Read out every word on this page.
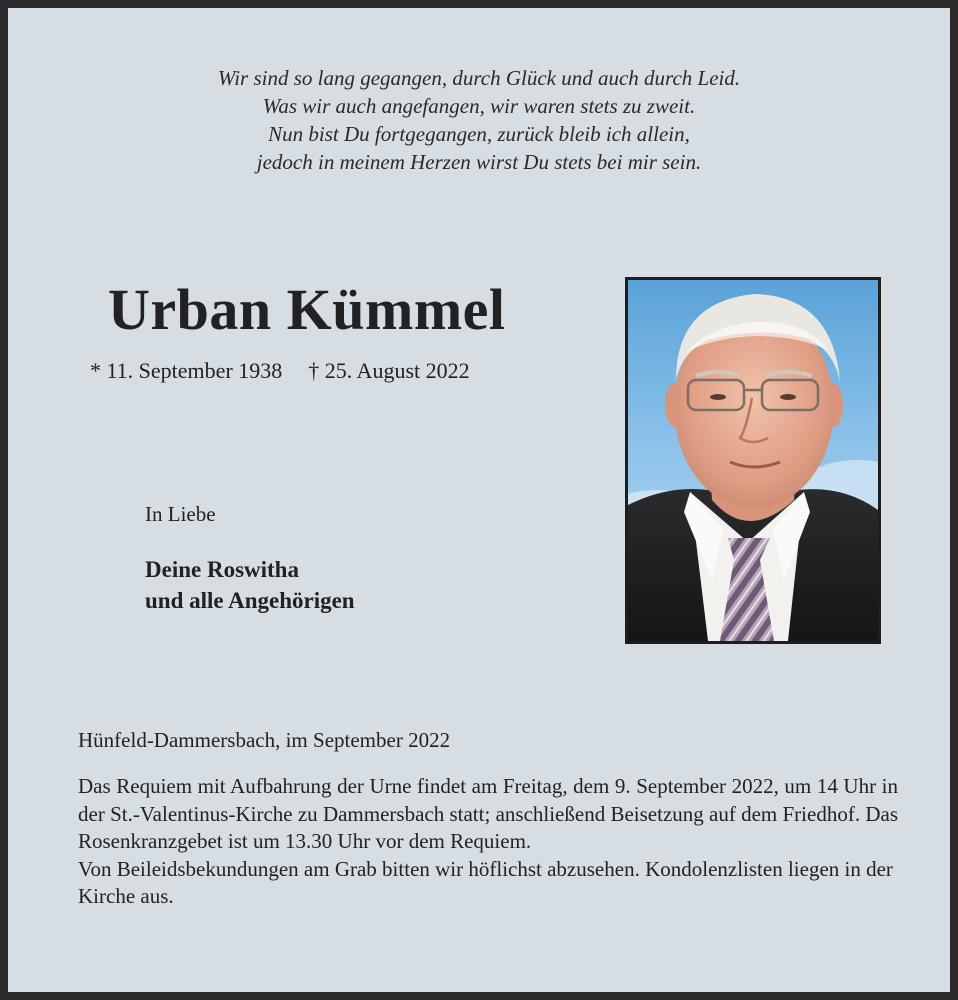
Wir sind so lang gegangen, durch Glück und auch durch Leid.
Was wir auch angefangen, wir waren stets zu zweit.
Nun bist Du fortgegangen, zurück bleib ich allein,
jedoch in meinem Herzen wirst Du stets bei mir sein.
Urban Kümmel
* 11. September 1938 † 25. August 2022
In Liebe
Deine Roswitha
und alle Angehörigen
Hünfeld-Dammersbach, im September 2022

Das Requiem mit Aufbahrung der Urne findet am Freitag, dem 9. September 2022, um 14 Uhr in der St.-Valentinus-Kirche zu Dammersbach statt; anschließend Beisetzung auf dem Friedhof. Das Rosenkranzgebet ist um 13.30 Uhr vor dem Requiem.

Von Beileidsbekundungen am Grab bitten wir höflichst abzusehen. Kondolenzlisten liegen in der Kirche aus.
